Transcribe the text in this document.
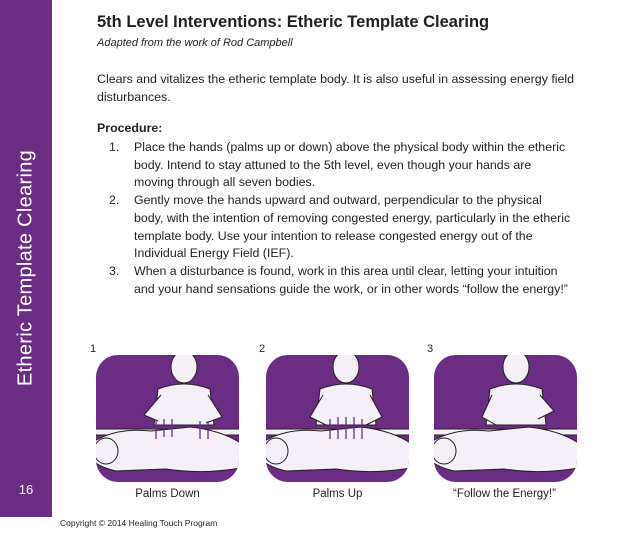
Etheric Template Clearing
16
5th Level Interventions: Etheric Template Clearing
Adapted from the work of Rod Campbell
Clears and vitalizes the etheric template body. It is also useful in assessing energy field disturbances.
Procedure:
1. Place the hands (palms up or down) above the physical body within the etheric body. Intend to stay attuned to the 5th level, even though your hands are moving through all seven bodies.
2. Gently move the hands upward and outward, perpendicular to the physical body, with the intention of removing congested energy, particularly in the etheric template body. Use your intention to release congested energy out of the Individual Energy Field (IEF).
3. When a disturbance is found, work in this area until clear, letting your intuition and your hand sensations guide the work, or in other words “follow the energy!”
1
Palms Down
2
Palms Up
3
“Follow the Energy!”
Copyright © 2014 Healing Touch Program
